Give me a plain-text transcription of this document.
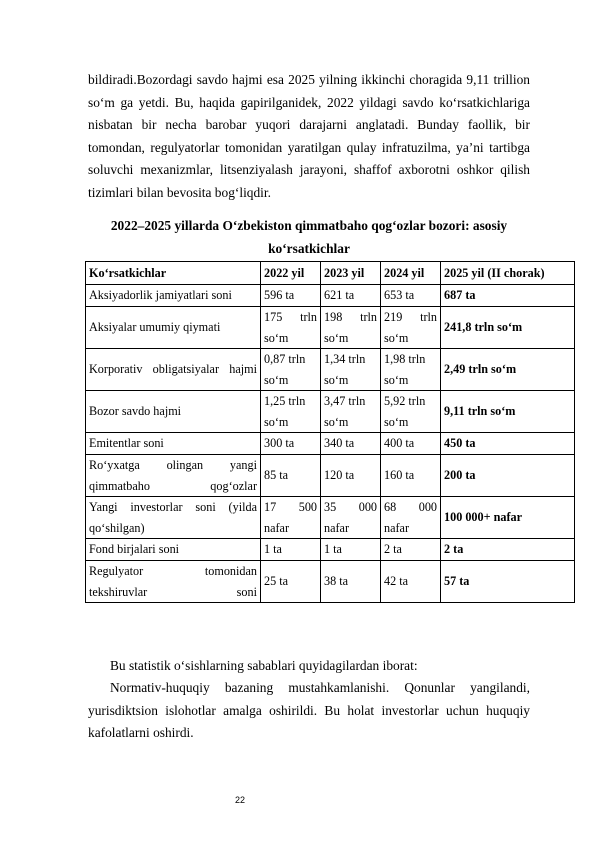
bildiradi.Bozordagi savdo hajmi esa 2025 yilning ikkinchi choragida 9,11 trillion so‘m ga yetdi. Bu, haqida gapirilganidek, 2022 yildagi savdo ko‘rsatkichlariga nisbatan bir necha barobar yuqori darajarni anglatadi. Bunday faollik, bir tomondan, regulyatorlar tomonidan yaratilgan qulay infratuzilma, ya’ni tartibga soluvchi mexanizmlar, litsenziyalash jarayoni, shaffof axborotni oshkor qilish tizimlari bilan bevosita bog‘liqdir.
2022–2025 yillarda O‘zbekiston qimmatbaho qog‘ozlar bozori: asosiy ko‘rsatkichlar
Ko‘rsatkichlar	2022 yil	2023 yil	2024 yil	2025 yil (II chorak)
Aksiyadorlik jamiyatlari soni	596 ta	621 ta	653 ta	687 ta
Aksiyalar umumiy qiymati	175 trln so‘m	198 trln so‘m	219 trln so‘m	241,8 trln so‘m
Korporativ obligatsiyalar hajmi	0,87 trln so‘m	1,34 trln so‘m	1,98 trln so‘m	2,49 trln so‘m
Bozor savdo hajmi	1,25 trln so‘m	3,47 trln so‘m	5,92 trln so‘m	9,11 trln so‘m
Emitentlar soni	300 ta	340 ta	400 ta	450 ta
Ro‘yxatga olingan yangi qimmatbaho qog‘ozlar	85 ta	120 ta	160 ta	200 ta
Yangi investorlar soni (yilda qo‘shilgan)	17 500 nafar	35 000 nafar	68 000 nafar	100 000+ nafar
Fond birjalari soni	1 ta	1 ta	2 ta	2 ta
Regulyator tomonidan tekshiruvlar soni	25 ta	38 ta	42 ta	57 ta
Bu statistik o‘sishlarning sabablari quyidagilardan iborat:
Normativ-huquqiy bazaning mustahkamlanishi. Qonunlar yangilandi, yurisdiktsion islohotlar amalga oshirildi. Bu holat investorlar uchun huquqiy kafolatlarni oshirdi.
22
